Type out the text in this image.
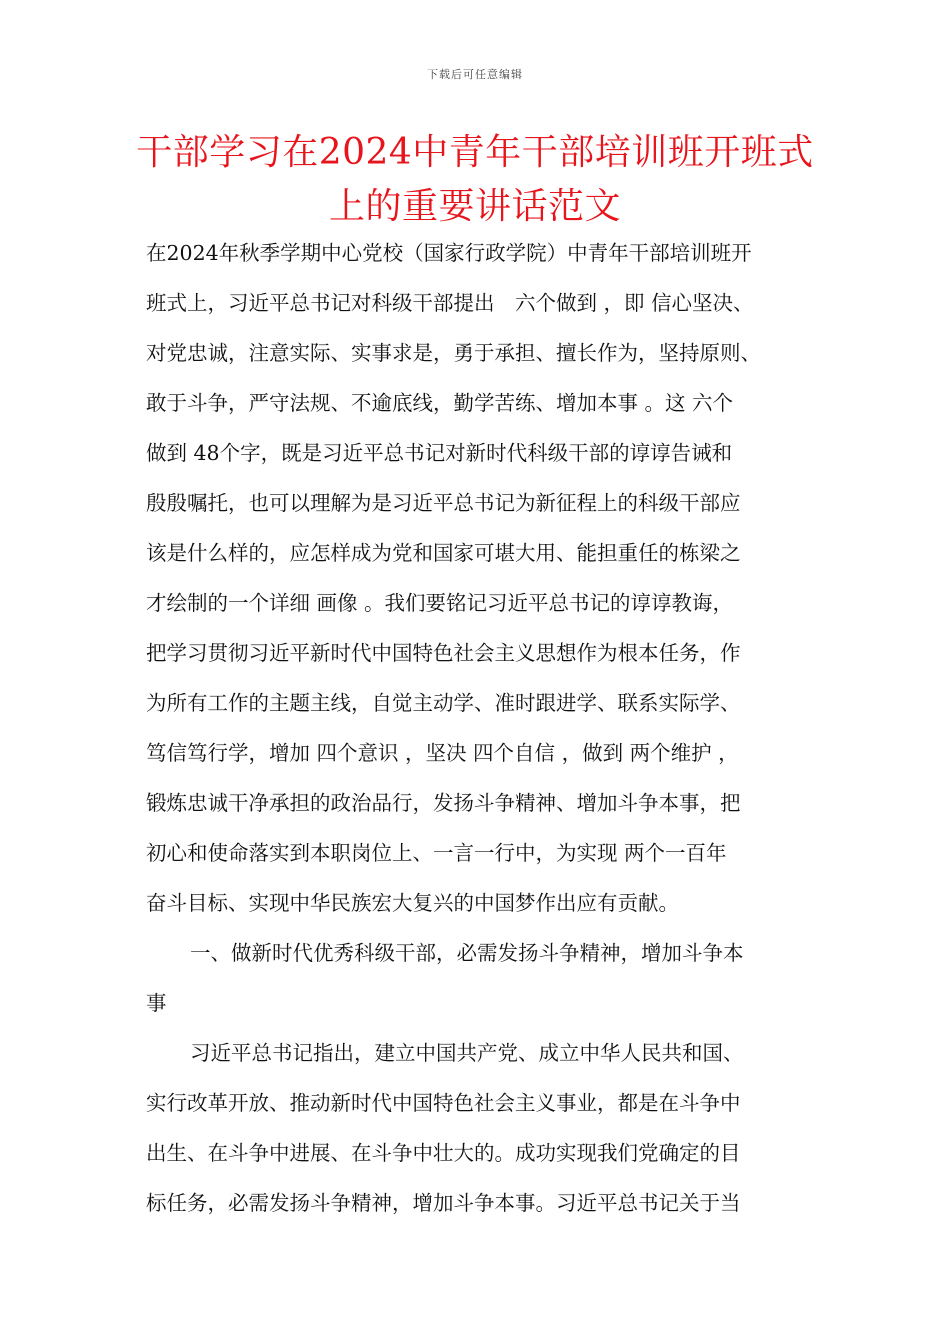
下载后可任意编辑
干部学习在2024中青年干部培训班开班式
上的重要讲话范文
在2024年秋季学期中心党校（国家行政学院）中青年干部培训班开
班式上，习近平总书记对科级干部提出　六个做到 ，即 信心坚决、
对党忠诚，注意实际、实事求是，勇于承担、擅长作为，坚持原则、
敢于斗争，严守法规、不逾底线，勤学苦练、增加本事 。这 六个
做到 48个字，既是习近平总书记对新时代科级干部的谆谆告诫和
殷殷嘱托，也可以理解为是习近平总书记为新征程上的科级干部应
该是什么样的，应怎样成为党和国家可堪大用、能担重任的栋梁之
才绘制的一个详细 画像 。我们要铭记习近平总书记的谆谆教诲，
把学习贯彻习近平新时代中国特色社会主义思想作为根本任务，作
为所有工作的主题主线，自觉主动学、准时跟进学、联系实际学、
笃信笃行学，增加 四个意识 ，坚决 四个自信 ，做到 两个维护 ，
锻炼忠诚干净承担的政治品行，发扬斗争精神、增加斗争本事，把
初心和使命落实到本职岗位上、一言一行中，为实现 两个一百年
奋斗目标、实现中华民族宏大复兴的中国梦作出应有贡献。
一、做新时代优秀科级干部，必需发扬斗争精神，增加斗争本
事
习近平总书记指出，建立中国共产党、成立中华人民共和国、
实行改革开放、推动新时代中国特色社会主义事业，都是在斗争中
出生、在斗争中进展、在斗争中壮大的。成功实现我们党确定的目
标任务，必需发扬斗争精神，增加斗争本事。习近平总书记关于当
